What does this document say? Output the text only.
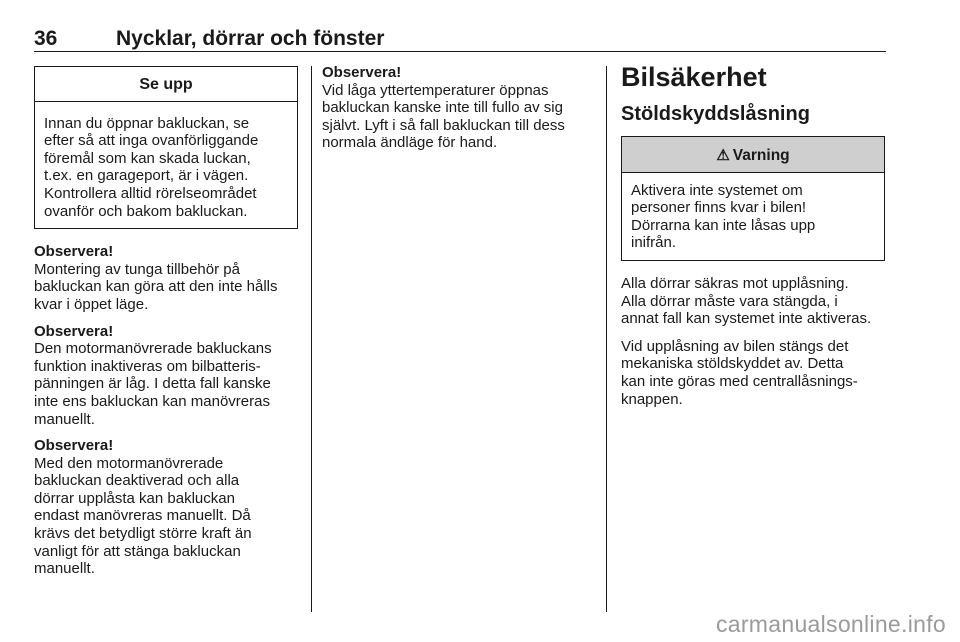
36	Nycklar, dörrar och fönster
Se upp
Innan du öppnar bakluckan, se
efter så att inga ovanförliggande
föremål som kan skada luckan,
t.ex. en garageport, är i vägen.
Kontrollera alltid rörelseområdet
ovanför och bakom bakluckan.
Observera!
Montering av tunga tillbehör på
bakluckan kan göra att den inte hålls
kvar i öppet läge.
Observera!
Den motormanövrerade bakluckans
funktion inaktiveras om bilbatteris-
pänningen är låg. I detta fall kanske
inte ens bakluckan kan manövreras
manuellt.
Observera!
Med den motormanövrerade
bakluckan deaktiverad och alla
dörrar upplåsta kan bakluckan
endast manövreras manuellt. Då
krävs det betydligt större kraft än
vanligt för att stänga bakluckan
manuellt.
Observera!
Vid låga yttertemperaturer öppnas
bakluckan kanske inte till fullo av sig
självt. Lyft i så fall bakluckan till dess
normala ändläge för hand.
Bilsäkerhet
Stöldskyddslåsning
⚠ Varning
Aktivera inte systemet om
personer finns kvar i bilen!
Dörrarna kan inte låsas upp
inifrån.
Alla dörrar säkras mot upplåsning.
Alla dörrar måste vara stängda, i
annat fall kan systemet inte aktiveras.
Vid upplåsning av bilen stängs det
mekaniska stöldskyddet av. Detta
kan inte göras med centrallåsnings-
knappen.
carmanualsonline.info
